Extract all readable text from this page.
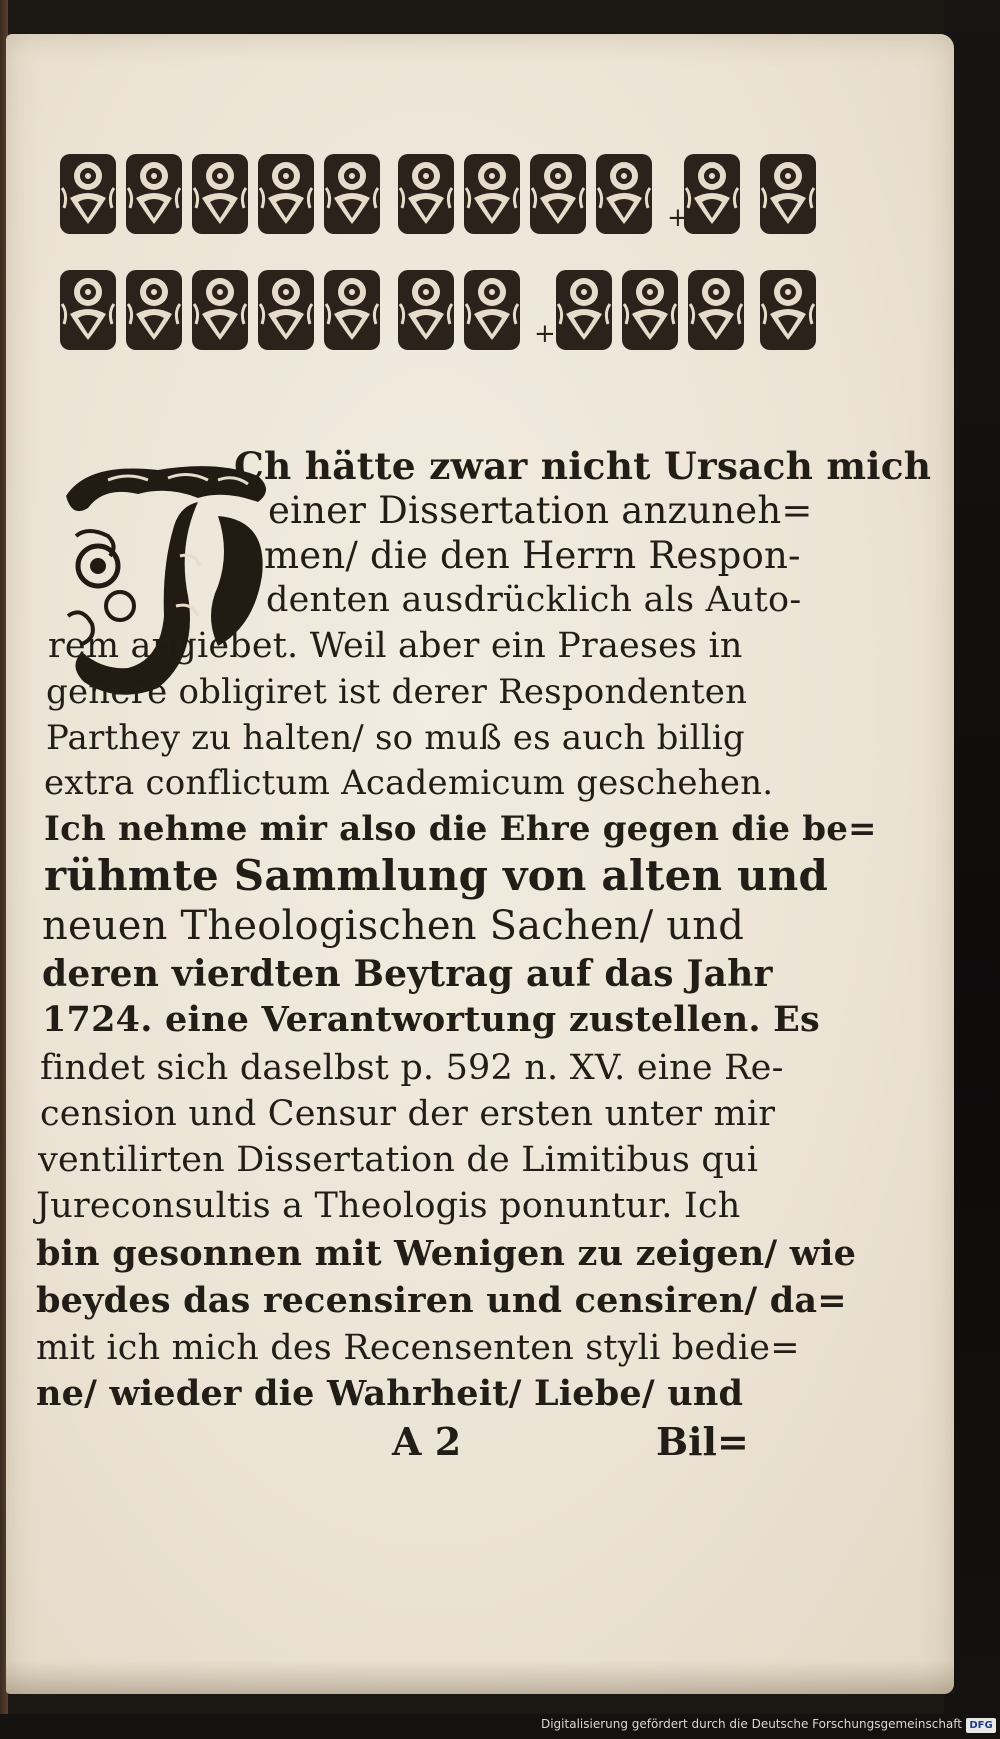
+
+
Ch hätte zwar nicht Ursach mich
einer Dissertation anzuneh=
men/ die den Herrn Respon-
denten ausdrücklich als Auto-
rem angiebet. Weil aber ein Praeses in
genere obligiret ist derer Respondenten
Parthey zu halten/ so muß es auch billig
extra conflictum Academicum geschehen.
Ich nehme mir also die Ehre gegen die be=
rühmte Sammlung von alten und
neuen Theologischen Sachen/ und
deren vierdten Beytrag auf das Jahr
1724. eine Verantwortung zustellen. Es
findet sich daselbst p. 592 n. XV. eine Re-
cension und Censur der ersten unter mir
ventilirten Dissertation de Limitibus qui
Jureconsultis a Theologis ponuntur. Ich
bin gesonnen mit Wenigen zu zeigen/ wie
beydes das recensiren und censiren/ da=
mit ich mich des Recensenten styli bedie=
ne/ wieder die Wahrheit/ Liebe/ und
A 2	Bil=
Digitalisierung gefördert durch die Deutsche Forschungsgemeinschaft DFG
